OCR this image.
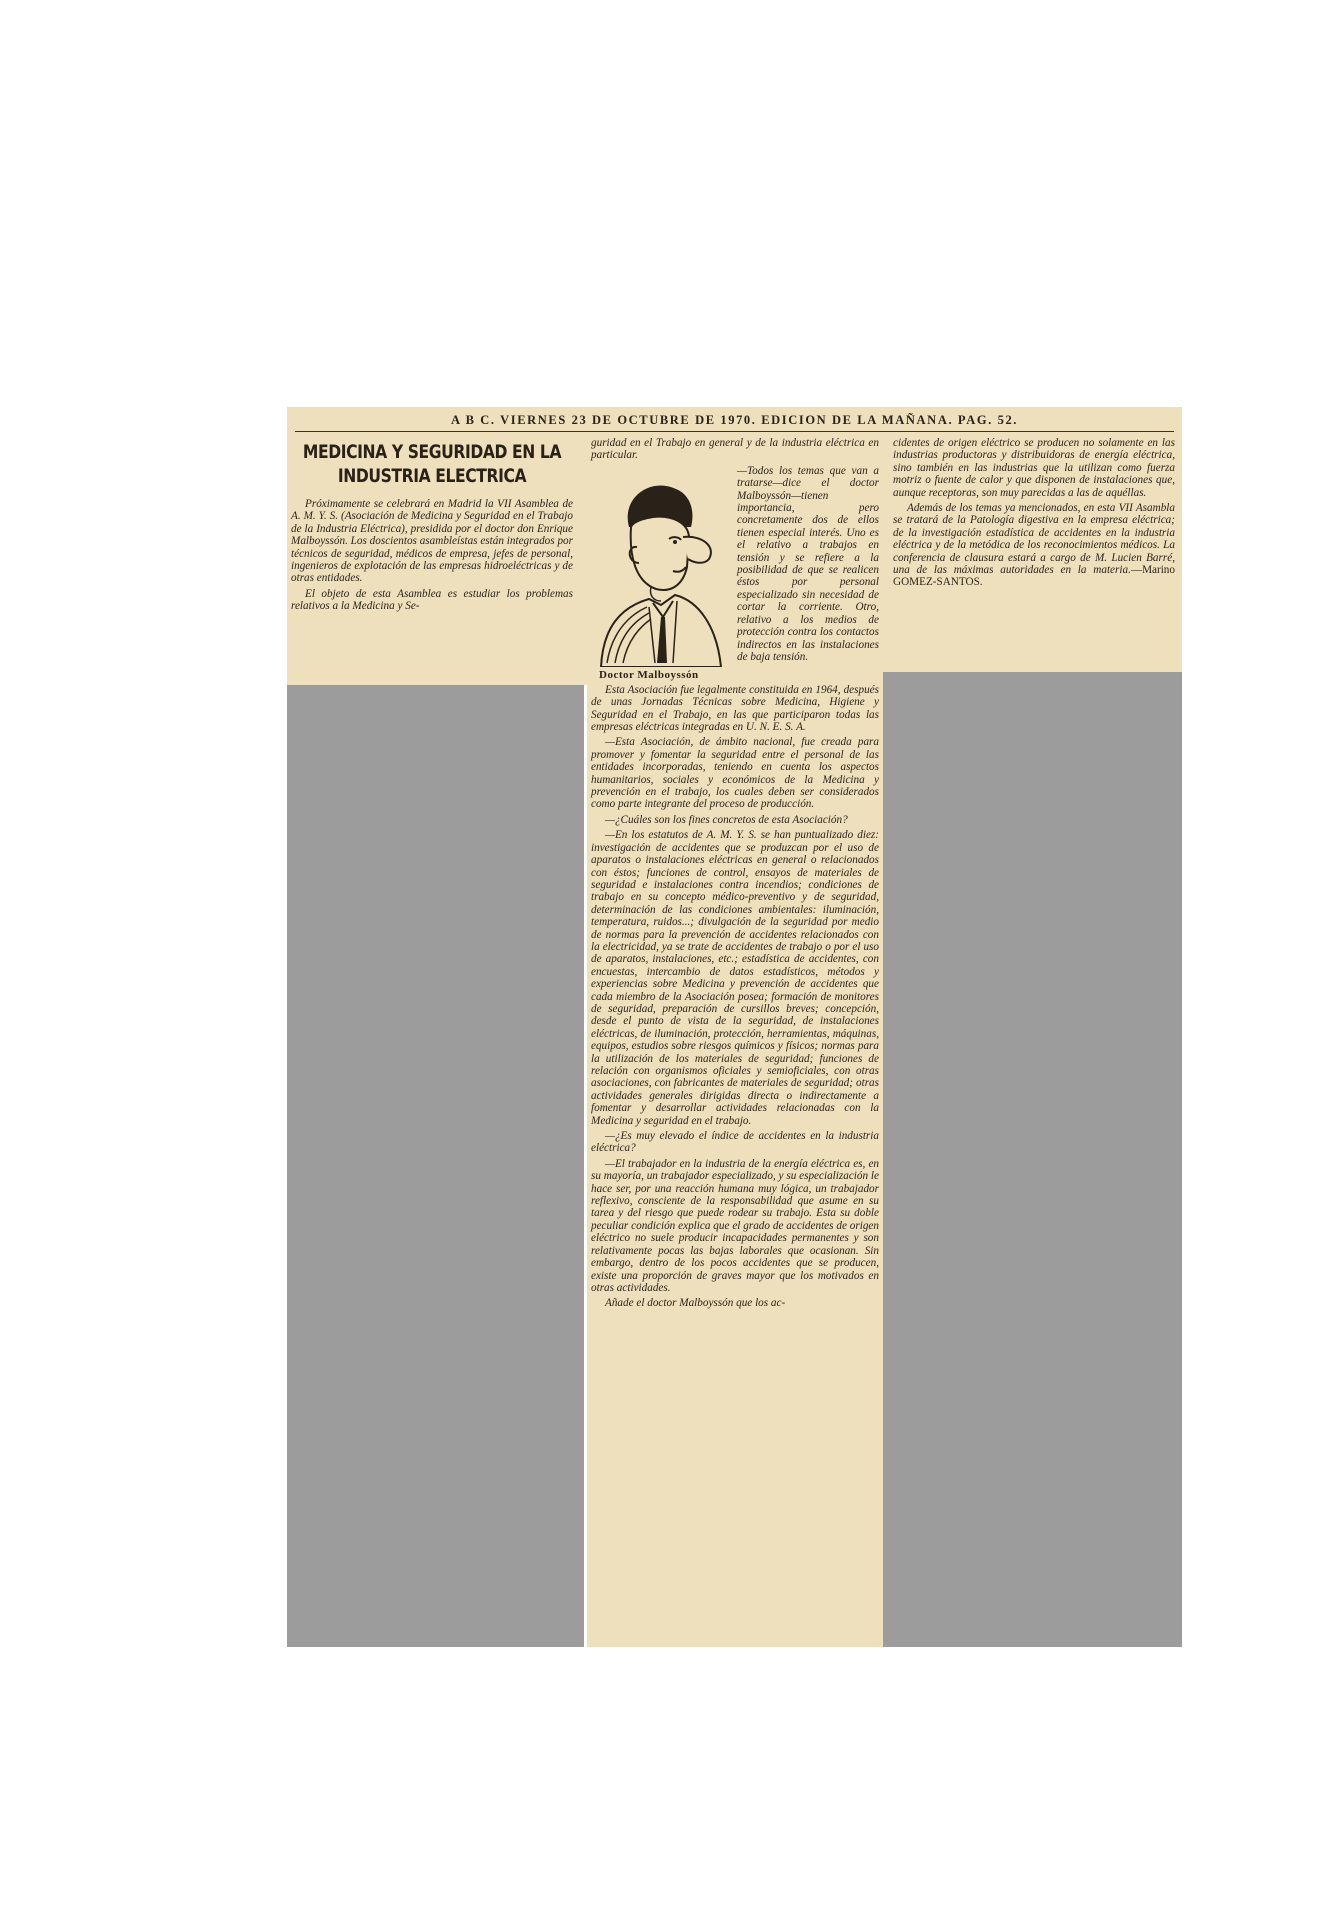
A B C. VIERNES 23 DE OCTUBRE DE 1970. EDICION DE LA MAÑANA. PAG. 52.
MEDICINA Y SEGURIDAD EN LA INDUSTRIA ELECTRICA

Próximamente se celebrará en Madrid la VII Asamblea de A. M. Y. S. (Asociación de Medicina y Seguridad en el Trabajo de la Industria Eléctrica), presidida por el doctor don Enrique Malboyssón. Los doscientos asambleístas están integrados por técnicos de seguridad, médicos de empresa, jefes de personal, ingenieros de explotación de las empresas hidroeléctricas y de otras entidades.

El objeto de esta Asamblea es estudiar los problemas relativos a la Medicina y Se-

guridad en el Trabajo en general y de la industria eléctrica en particular.

Doctor Malboyssón
—Todos los temas que van a tratarse—dice el doctor Malboyssón—tienen importancia, pero concretamente dos de ellos tienen especial interés. Uno es el relativo a trabajos en tensión y se refiere a la posibilidad de que se realicen éstos por personal especializado sin necesidad de cortar la corriente. Otro, relativo a los medios de protección contra los contactos indirectos en las instalaciones de baja tensión.

Esta Asociación fue legalmente constituida en 1964, después de unas Jornadas Técnicas sobre Medicina, Higiene y Seguridad en el Trabajo, en las que participaron todas las empresas eléctricas integradas en U. N. E. S. A.

—Esta Asociación, de ámbito nacional, fue creada para promover y fomentar la seguridad entre el personal de las entidades incorporadas, teniendo en cuenta los aspectos humanitarios, sociales y económicos de la Medicina y prevención en el trabajo, los cuales deben ser considerados como parte integrante del proceso de producción.

—¿Cuáles son los fines concretos de esta Asociación?

—En los estatutos de A. M. Y. S. se han puntualizado diez: investigación de accidentes que se produzcan por el uso de aparatos o instalaciones eléctricas en general o relacionados con éstos; funciones de control, ensayos de materiales de seguridad e instalaciones contra incendios; condiciones de trabajo en su concepto médico-preventivo y de seguridad, determinación de las condiciones ambientales: iluminación, temperatura, ruidos...; divulgación de la seguridad por medio de normas para la prevención de accidentes relacionados con la electricidad, ya se trate de accidentes de trabajo o por el uso de aparatos, instalaciones, etc.; estadística de accidentes, con encuestas, intercambio de datos estadísticos, métodos y experiencias sobre Medicina y prevención de accidentes que cada miembro de la Asociación posea; formación de monitores de seguridad, preparación de cursillos breves; concepción, desde el punto de vista de la seguridad, de instalaciones eléctricas, de iluminación, protección, herramientas, máquinas, equipos, estudios sobre riesgos químicos y físicos; normas para la utilización de los materiales de seguridad; funciones de relación con organismos oficiales y semioficiales, con otras asociaciones, con fabricantes de materiales de seguridad; otras actividades generales dirigidas directa o indirectamente a fomentar y desarrollar actividades relacionadas con la Medicina y seguridad en el trabajo.

—¿Es muy elevado el índice de accidentes en la industria eléctrica?

—El trabajador en la industria de la energía eléctrica es, en su mayoría, un trabajador especializado, y su especialización le hace ser, por una reacción humana muy lógica, un trabajador reflexivo, consciente de la responsabilidad que asume en su tarea y del riesgo que puede rodear su trabajo. Esta su doble peculiar condición explica que el grado de accidentes de origen eléctrico no suele producir incapacidades permanentes y son relativamente pocas las bajas laborales que ocasionan. Sin embargo, dentro de los pocos accidentes que se producen, existe una proporción de graves mayor que los motivados en otras actividades.

Añade el doctor Malboyssón que los ac-

cidentes de origen eléctrico se producen no solamente en las industrias productoras y distribuidoras de energía eléctrica, sino también en las industrias que la utilizan como fuerza motriz o fuente de calor y que disponen de instalaciones que, aunque receptoras, son muy parecidas a las de aquéllas.

Además de los temas ya mencionados, en esta VII Asambla se tratará de la Patología digestiva en la empresa eléctrica; de la investigación estadística de accidentes en la industria eléctrica y de la metódica de los reconocimientos médicos. La conferencia de clausura estará a cargo de M. Lucien Barré, una de las máximas autoridades en la materia.—Marino GOMEZ-SANTOS.
